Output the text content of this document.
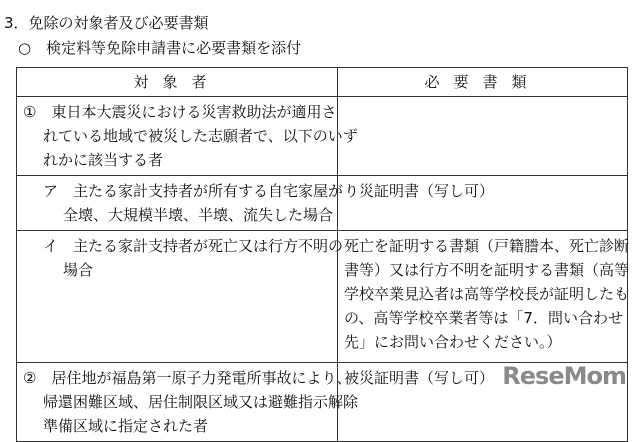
3．免除の対象者及び必要書類
○　検定料等免除申請書に必要書類を添付
対象者	必要書類

①　東日本大震災における災害救助法が適用さ
れている地域で被災した志願者で、以下のいず
れかに該当する者	

ア　主たる家計支持者が所有する自宅家屋が
全壊、大規模半壊、半壊、流失した場合	り災証明書（写し可）

イ　主たる家計支持者が死亡又は行方不明の
場合	死亡を証明する書類（戸籍謄本、死亡診断
書等）又は行方不明を証明する書類（高等
学校卒業見込者は高等学校長が証明したも
の、高等学校卒業者等は「7．問い合わせ
先」にお問い合わせください。）

②　居住地が福島第一原子力発電所事故により、
帰還困難区域、居住制限区域又は避難指示解除
準備区域に指定された者	被災証明書（写し可） ReseMom
